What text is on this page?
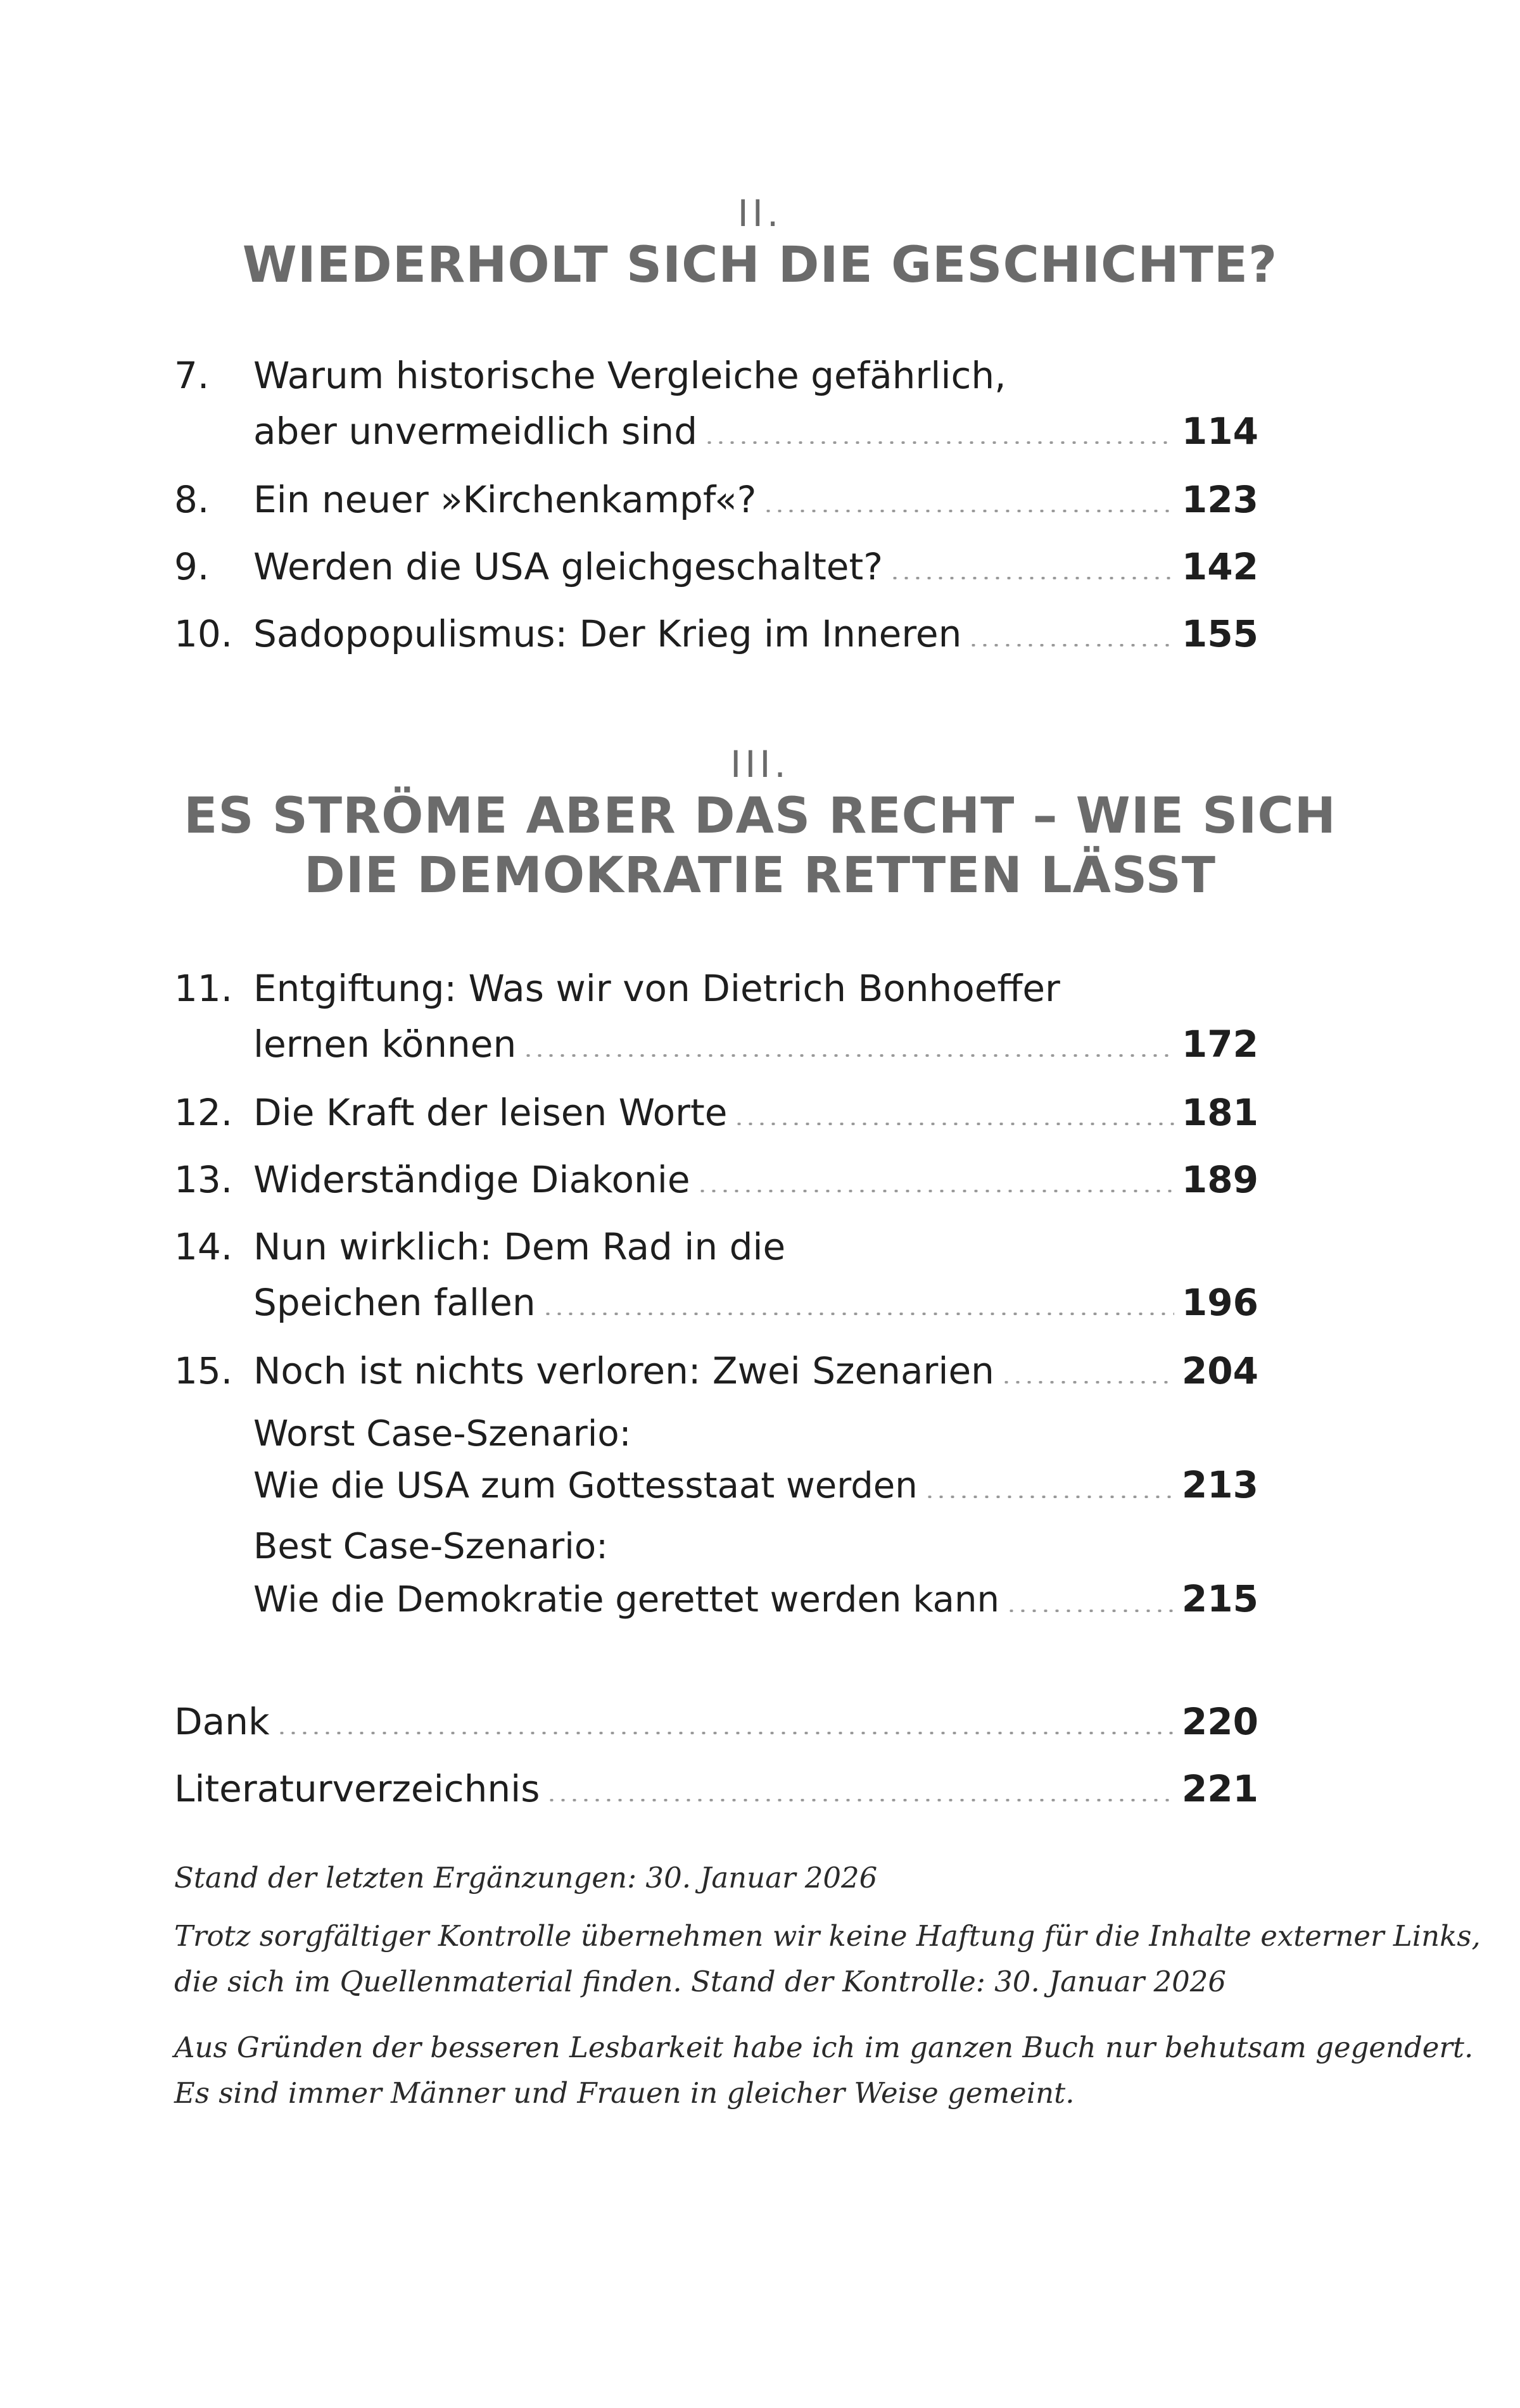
II.
WIEDERHOLT SICH DIE GESCHICHTE?
7. Warum historische Vergleiche gefährlich,
aber unvermeidlich sind	114
8. Ein neuer »Kirchenkampf«?	123
9. Werden die USA gleichgeschaltet?	142
10. Sadopopulismus: Der Krieg im Inneren	155
III.
ES STRÖME ABER DAS RECHT – WIE SICH
DIE DEMOKRATIE RETTEN LÄSST
11. Entgiftung: Was wir von Dietrich Bonhoeffer
lernen können	172
12. Die Kraft der leisen Worte	181
13. Widerständige Diakonie	189
14. Nun wirklich: Dem Rad in die
Speichen fallen	196
15. Noch ist nichts verloren: Zwei Szenarien	204
Worst Case-Szenario:
Wie die USA zum Gottesstaat werden	213
Best Case-Szenario:
Wie die Demokratie gerettet werden kann	215
Dank	220
Literaturverzeichnis	221
Stand der letzten Ergänzungen: 30. Januar 2026
Trotz sorgfältiger Kontrolle übernehmen wir keine Haftung für die Inhalte externer Links,
die sich im Quellenmaterial finden. Stand der Kontrolle: 30. Januar 2026
Aus Gründen der besseren Lesbarkeit habe ich im ganzen Buch nur behutsam gegendert.
Es sind immer Männer und Frauen in gleicher Weise gemeint.
